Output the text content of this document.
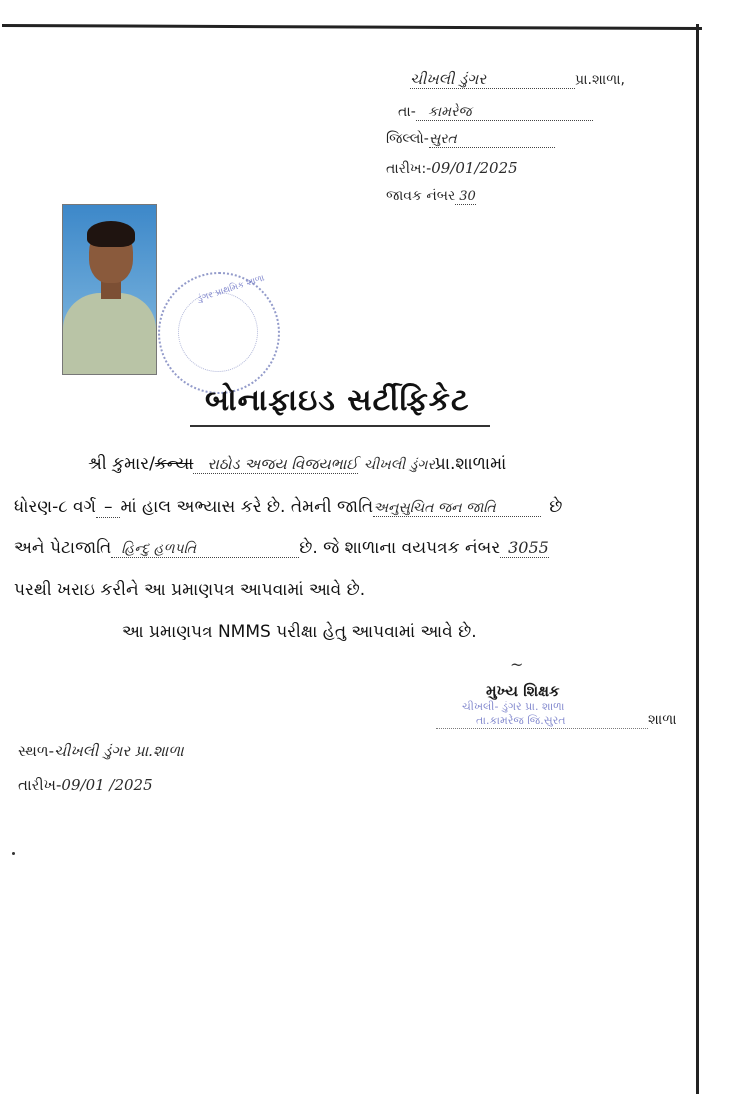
ચીખલી ડુંગર	પ્રા.શાળા,
તા- કામરેજ
જિલ્લો-સુરત
તારીખ:-09/01/2025
જાવક નંબર 30
ડુંગર પ્રાથમિક શાળા
બોનાફાઇડ સર્ટીફિકેટ
શ્રી કુમાર/કન્યા રાઠોડ અજય વિજયભાઈ ચીખલી ડુંગરપ્રા.શાળામાં
ધોરણ-૮ વર્ગ – માં હાલ અભ્યાસ કરે છે. તેમની જાતિઅનુસુચિત જન જાતિ	છે
અને પેટાજાતિ હિન્દુ હળપતિ	છે. જે શાળાના વયપત્રક નંબર 3055
પરથી ખરાઇ કરીને આ પ્રમાણપત્ર આપવામાં આવે છે.
આ પ્રમાણપત્ર NMMS પરીક્ષા હેતુ આપવામાં આવે છે.
~
મુખ્ય શિક્ષક
ચીખલી- ડુંગર પ્રા. શાળા
તા.કામરેજ જિ.સુરત	શાળા
સ્થળ-ચીખલી ડુંગર પ્રા.શાળા
તારીખ-09/01 /2025
